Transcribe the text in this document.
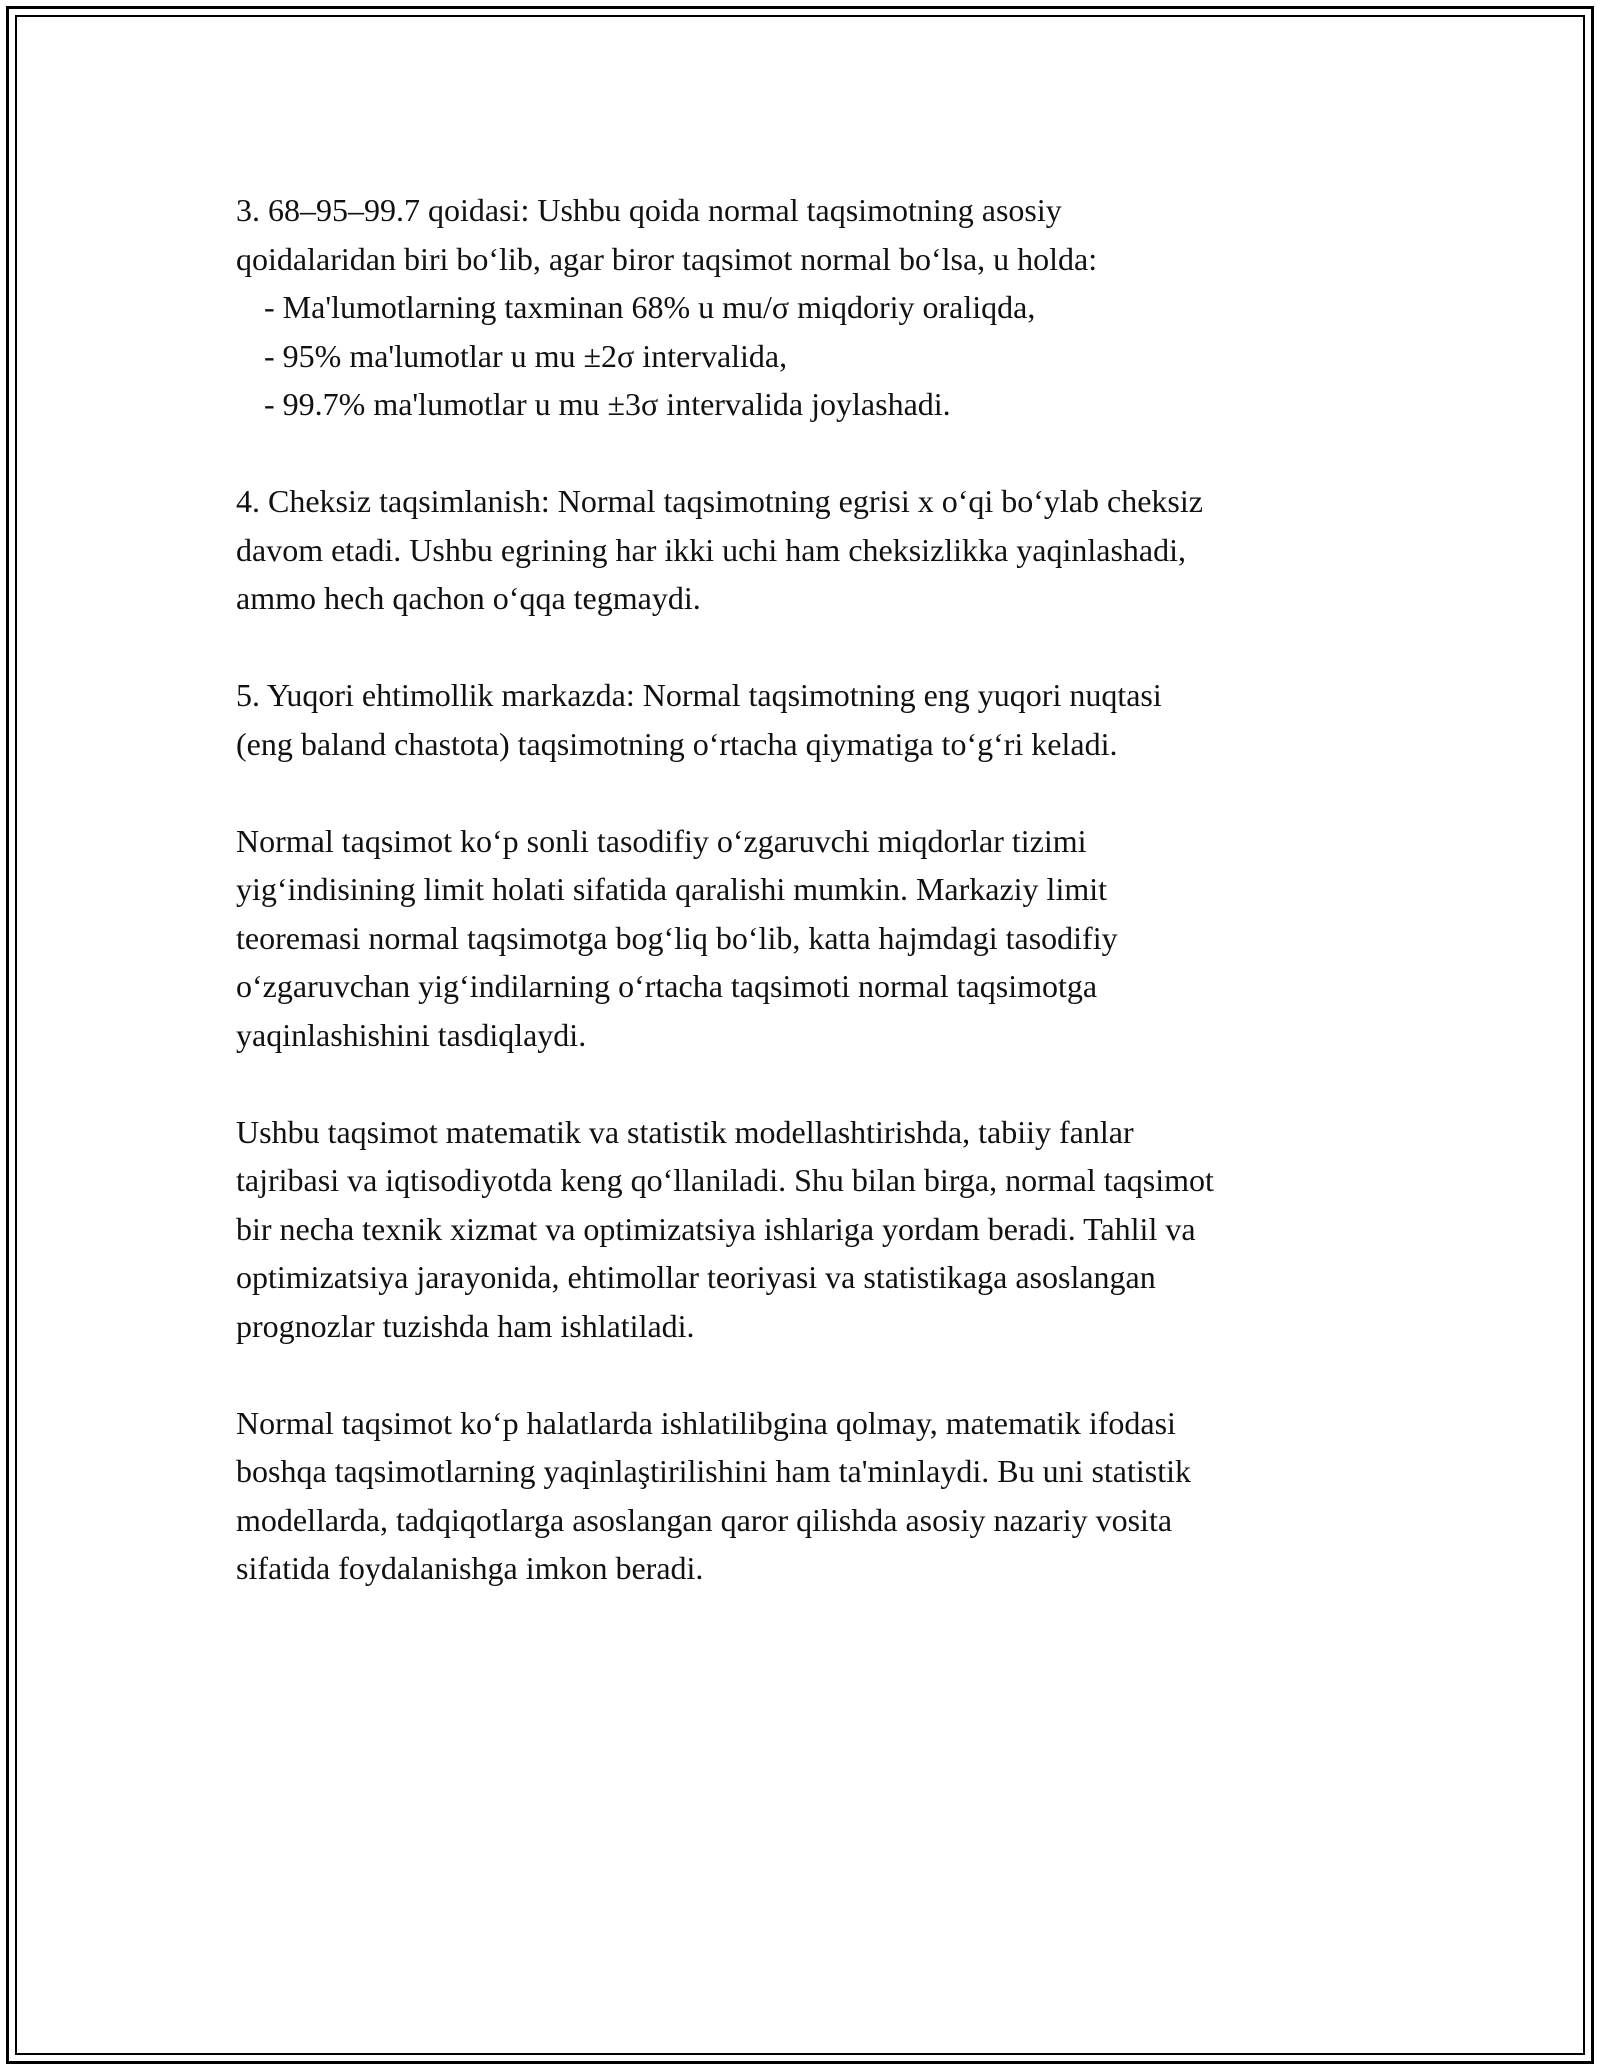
3. 68–95–99.7 qoidasi: Ushbu qoida normal taqsimotning asosiy
qoidalaridan biri bo‘lib, agar biror taqsimot normal bo‘lsa, u holda:
- Ma'lumotlarning taxminan 68% u mu/σ miqdoriy oraliqda,
- 95% ma'lumotlar u mu ±2σ intervalida,
- 99.7% ma'lumotlar u mu ±3σ intervalida joylashadi.

4. Cheksiz taqsimlanish: Normal taqsimotning egrisi x o‘qi bo‘ylab cheksiz
davom etadi. Ushbu egrining har ikki uchi ham cheksizlikka yaqinlashadi,
ammo hech qachon o‘qqa tegmaydi.

5. Yuqori ehtimollik markazda: Normal taqsimotning eng yuqori nuqtasi
(eng baland chastota) taqsimotning o‘rtacha qiymatiga to‘g‘ri keladi.

Normal taqsimot ko‘p sonli tasodifiy o‘zgaruvchi miqdorlar tizimi
yig‘indisining limit holati sifatida qaralishi mumkin. Markaziy limit
teoremasi normal taqsimotga bog‘liq bo‘lib, katta hajmdagi tasodifiy
o‘zgaruvchan yig‘indilarning o‘rtacha taqsimoti normal taqsimotga
yaqinlashishini tasdiqlaydi.

Ushbu taqsimot matematik va statistik modellashtirishda, tabiiy fanlar
tajribasi va iqtisodiyotda keng qo‘llaniladi. Shu bilan birga, normal taqsimot
bir necha texnik xizmat va optimizatsiya ishlariga yordam beradi. Tahlil va
optimizatsiya jarayonida, ehtimollar teoriyasi va statistikaga asoslangan
prognozlar tuzishda ham ishlatiladi.

Normal taqsimot ko‘p halatlarda ishlatilibgina qolmay, matematik ifodasi
boshqa taqsimotlarning yaqinlaştirilishini ham ta'minlaydi. Bu uni statistik
modellarda, tadqiqotlarga asoslangan qaror qilishda asosiy nazariy vosita
sifatida foydalanishga imkon beradi.
